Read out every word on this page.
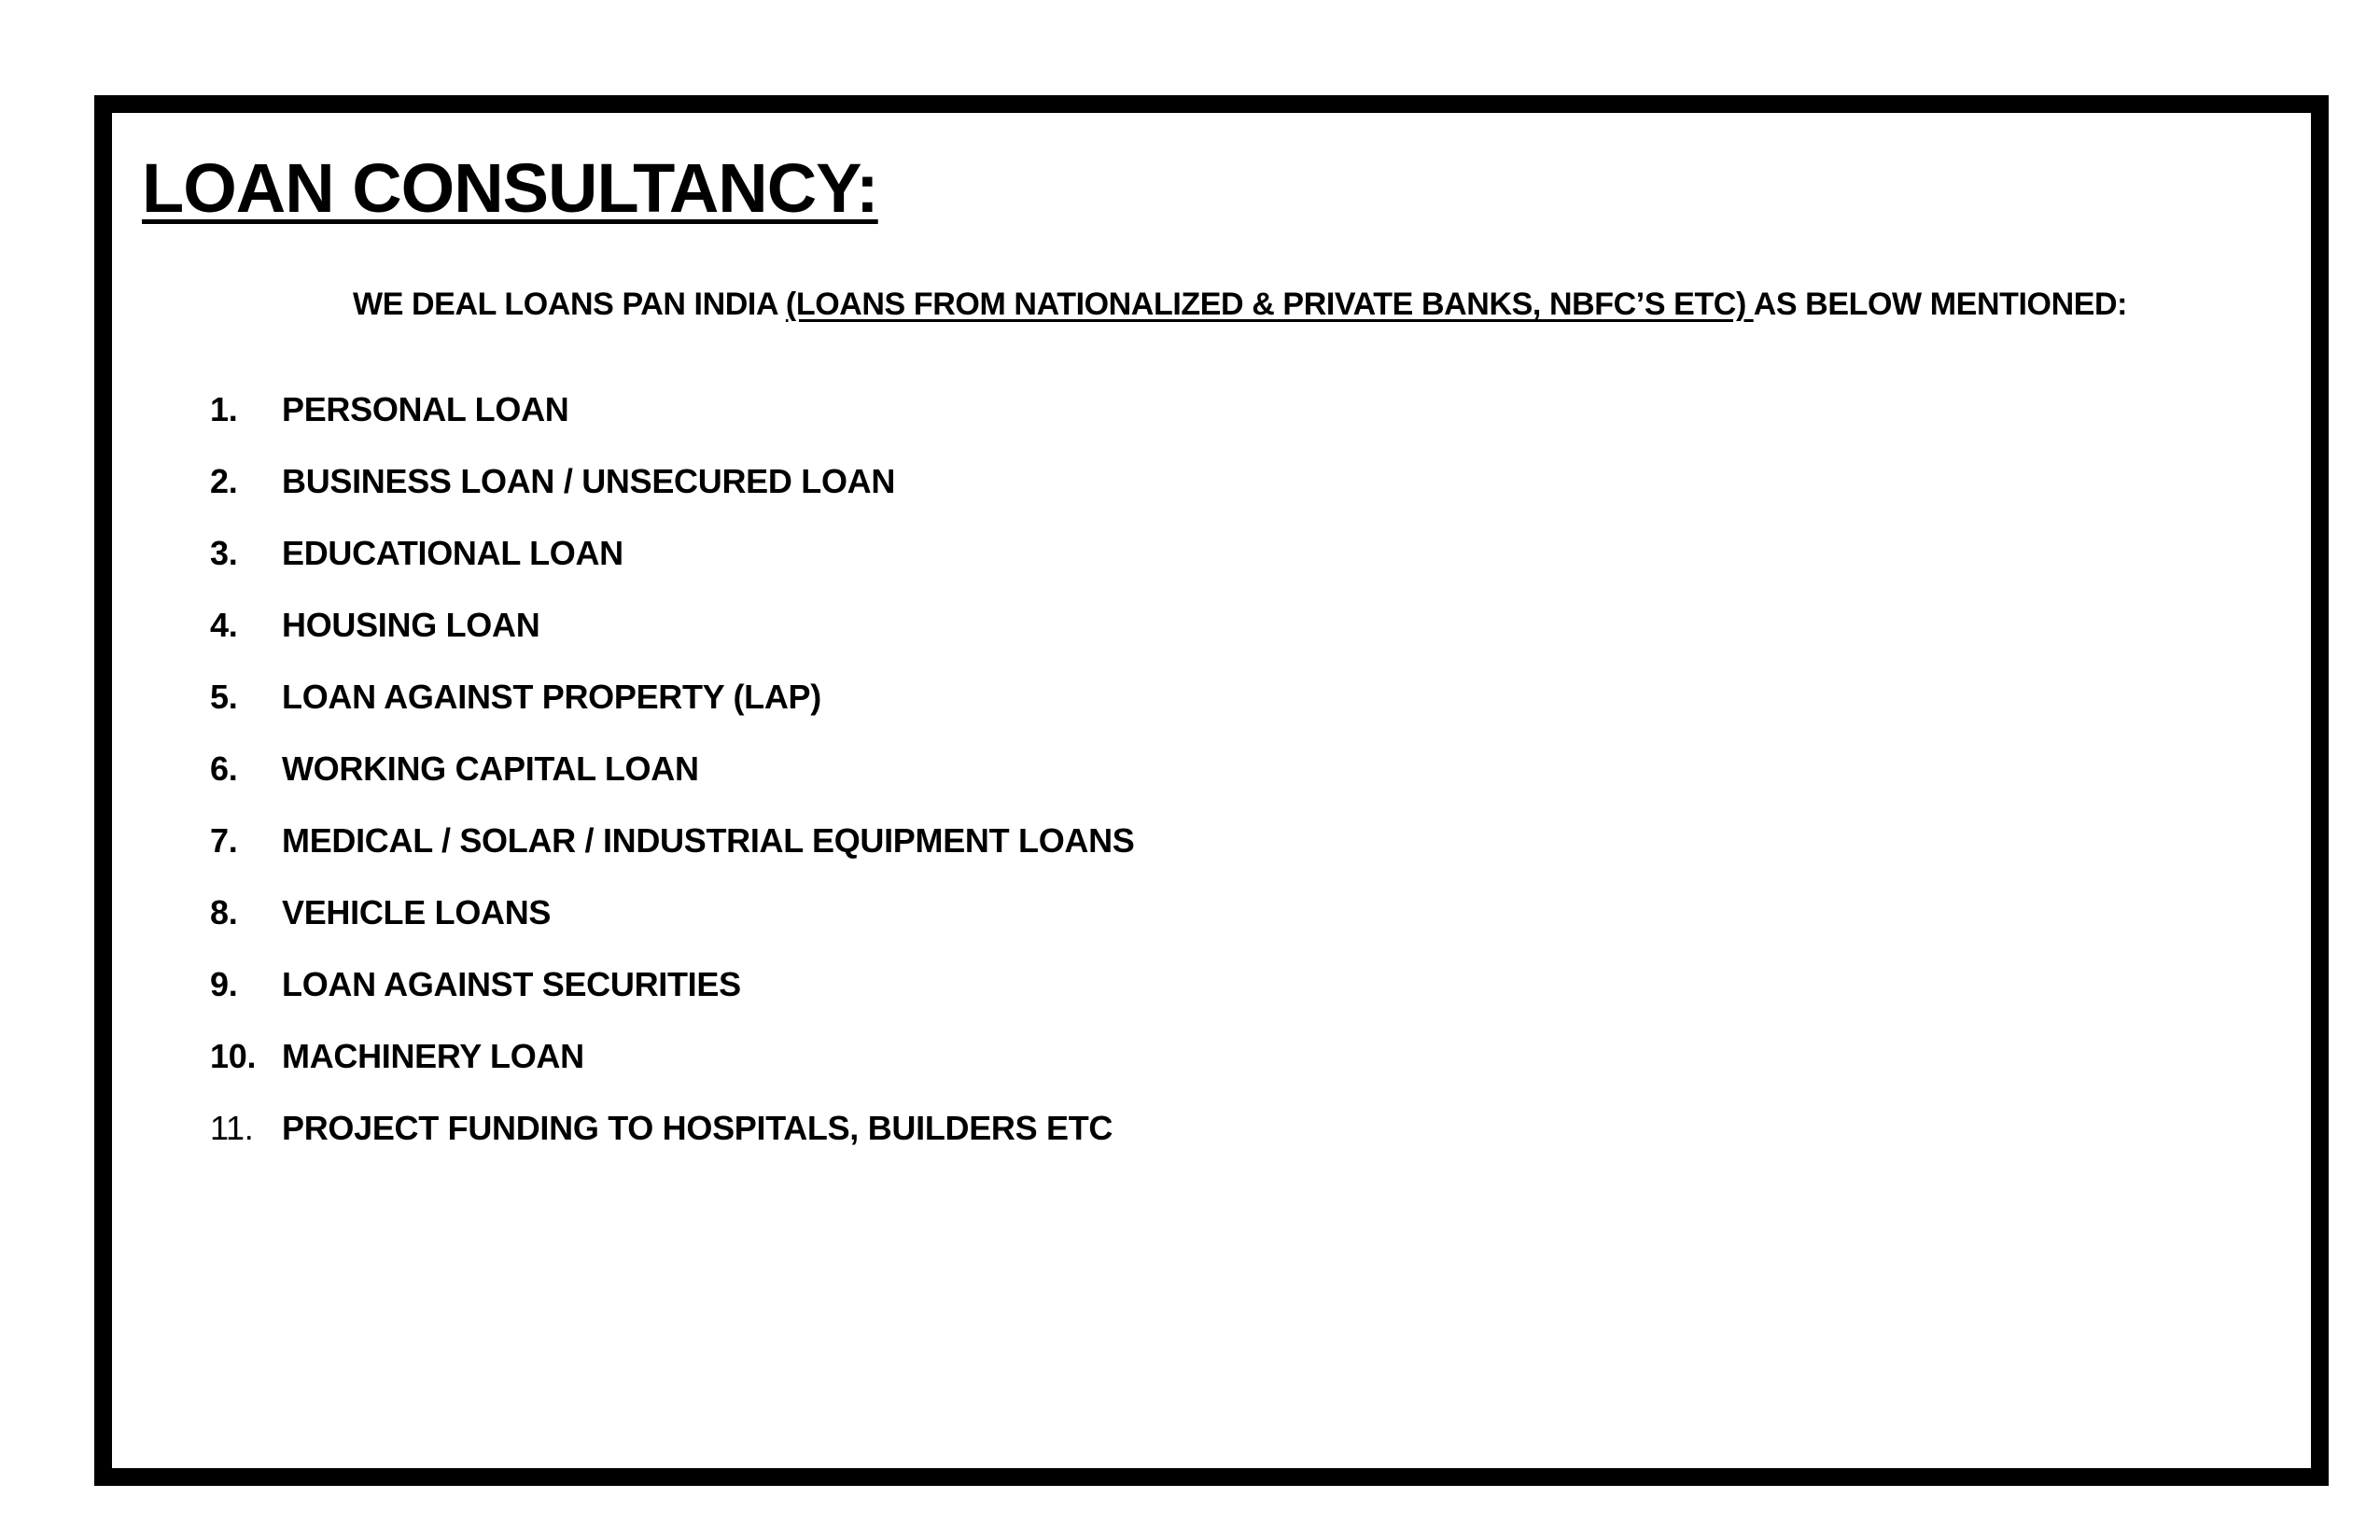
LOAN CONSULTANCY:

WE DEAL LOANS PAN INDIA (LOANS FROM NATIONALIZED & PRIVATE BANKS, NBFC’S ETC) AS BELOW MENTIONED:

1.	PERSONAL LOAN
2.	BUSINESS LOAN / UNSECURED LOAN
3.	EDUCATIONAL LOAN
4.	HOUSING LOAN
5.	LOAN AGAINST PROPERTY (LAP)
6.	WORKING CAPITAL LOAN
7.	MEDICAL / SOLAR / INDUSTRIAL EQUIPMENT LOANS
8.	VEHICLE LOANS
9.	LOAN AGAINST SECURITIES
10. MACHINERY LOAN
11. PROJECT FUNDING TO HOSPITALS, BUILDERS ETC
